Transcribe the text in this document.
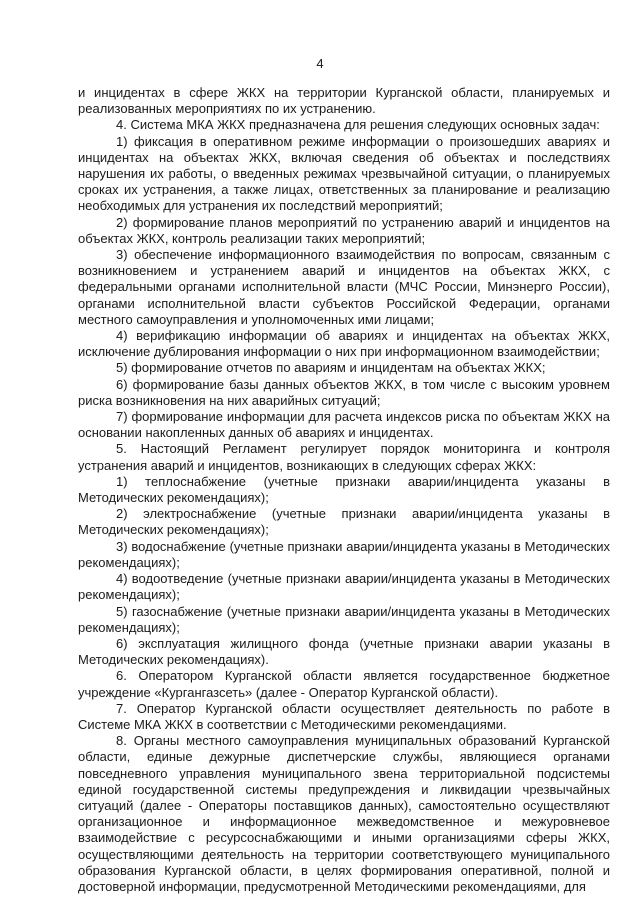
4

и инцидентах в сфере ЖКХ на территории Курганской области, планируемых и реализованных мероприятиях по их устранению.

4. Система МКА ЖКХ предназначена для решения следующих основных задач:

1) фиксация в оперативном режиме информации о произошедших авариях и инцидентах на объектах ЖКХ, включая сведения об объектах и последствиях нарушения их работы, о введенных режимах чрезвычайной ситуации, о планируемых сроках их устранения, а также лицах, ответственных за планирование и реализацию необходимых для устранения их последствий мероприятий;

2) формирование планов мероприятий по устранению аварий и инцидентов на объектах ЖКХ, контроль реализации таких мероприятий;

3) обеспечение информационного взаимодействия по вопросам, связанным с возникновением и устранением аварий и инцидентов на объектах ЖКХ, с федеральными органами исполнительной власти (МЧС России, Минэнерго России), органами исполнительной власти субъектов Российской Федерации, органами местного самоуправления и уполномоченных ими лицами;

4) верификацию информации об авариях и инцидентах на объектах ЖКХ, исключение дублирования информации о них при информационном взаимодействии;

5) формирование отчетов по авариям и инцидентам на объектах ЖКХ;

6) формирование базы данных объектов ЖКХ, в том числе с высоким уровнем риска возникновения на них аварийных ситуаций;

7) формирование информации для расчета индексов риска по объектам ЖКХ на основании накопленных данных об авариях и инцидентах.

5. Настоящий Регламент регулирует порядок мониторинга и контроля устранения аварий и инцидентов, возникающих в следующих сферах ЖКХ:

1) теплоснабжение (учетные признаки аварии/инцидента указаны в Методических рекомендациях);

2) электроснабжение (учетные признаки аварии/инцидента указаны в Методических рекомендациях);

3) водоснабжение (учетные признаки аварии/инцидента указаны в Методических рекомендациях);

4) водоотведение (учетные признаки аварии/инцидента указаны в Методических рекомендациях);

5) газоснабжение (учетные признаки аварии/инцидента указаны в Методических рекомендациях);

6) эксплуатация жилищного фонда (учетные признаки аварии указаны в Методических рекомендациях).

6. Оператором Курганской области является государственное бюджетное учреждение «Кургангазсеть» (далее - Оператор Курганской области).

7. Оператор Курганской области осуществляет деятельность по работе в Системе МКА ЖКХ в соответствии с Методическими рекомендациями.

8. Органы местного самоуправления муниципальных образований Курганской области, единые дежурные диспетчерские службы, являющиеся органами повседневного управления муниципального звена территориальной подсистемы единой государственной системы предупреждения и ликвидации чрезвычайных ситуаций (далее - Операторы поставщиков данных), самостоятельно осуществляют организационное и информационное межведомственное и межуровневое взаимодействие с ресурсоснабжающими и иными организациями сферы ЖКХ, осуществляющими деятельность на территории соответствующего муниципального образования Курганской области, в целях формирования оперативной, полной и достоверной информации, предусмотренной Методическими рекомендациями, для
